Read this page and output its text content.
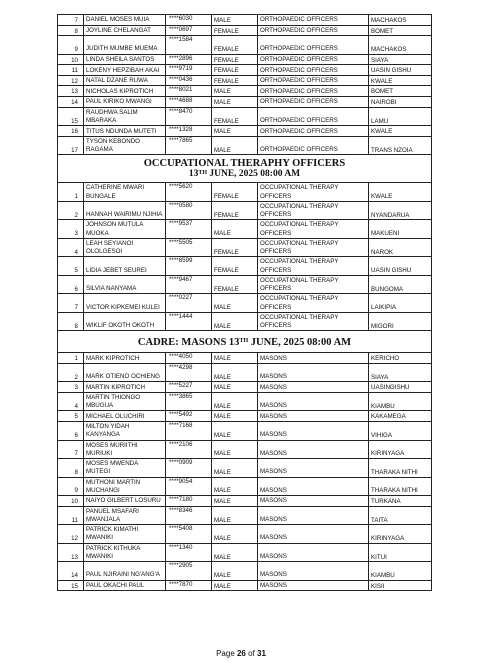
7	DANIEL MOSES MUIA	****6030	MALE	ORTHOPAEDIC OFFICERS	MACHAKOS
8	JOYLINE CHELANGAT	****0697	FEMALE	ORTHOPAEDIC OFFICERS	BOMET
9	JUDITH MUMBE MUEMA	****1584	FEMALE	ORTHOPAEDIC OFFICERS	MACHAKOS
10	LINDA SHEILA SANTOS	****2896	FEMALE	ORTHOPAEDIC OFFICERS	SIAYA
11	LOKENY HEPZIBAH AKAI	****9719	FEMALE	ORTHOPAEDIC OFFICERS	UASIN GISHU
12	NATAL DZANE RUWA	****0436	FEMALE	ORTHOPAEDIC OFFICERS	KWALE
13	NICHOLAS KIPROTICH	****8021	MALE	ORTHOPAEDIC OFFICERS	BOMET
14	PAUL KIRIKO MWANGI	****4688	MALE	ORTHOPAEDIC OFFICERS	NAIROBI
15	RAUDHWA SALIM MBARAKA	****8470	FEMALE	ORTHOPAEDIC OFFICERS	LAMU
16	TITUS NDUNDA MUTETI	****1328	MALE	ORTHOPAEDIC OFFICERS	KWALE
17	TYSON KEBONDO RAGAMA	****7865	MALE	ORTHOPAEDIC OFFICERS	TRANS NZOIA

OCCUPATIONAL THERAPHY OFFICERS
13TH JUNE, 2025 08:00 AM					

1	CATHERINE MWARI BUNGALE	****5620	FEMALE	OCCUPATIONAL THERAPY OFFICERS	KWALE
2	HANNAH WAIRIMU NJIHIA	****0580	FEMALE	OCCUPATIONAL THERAPY OFFICERS	NYANDARUA
3	JOHNSON MUTULA MUOKA	****9537	MALE	OCCUPATIONAL THERAPY OFFICERS	MAKUENI
4	LEAH SEYIANOI OLOLGESOI	****5505	FEMALE	OCCUPATIONAL THERAPY OFFICERS	NAROK
5	LIDIA JEBET SEUREI	****8599	FEMALE	OCCUPATIONAL THERAPY OFFICERS	UASIN GISHU
6	SILVIA NANYAMA	****9467	FEMALE	OCCUPATIONAL THERAPY OFFICERS	BUNGOMA
7	VICTOR KIPKEMEI KULEI	****0227	MALE	OCCUPATIONAL THERAPY OFFICERS	LAIKIPIA
8	WIKLIF OKOTH OKOTH	****1444	MALE	OCCUPATIONAL THERAPY OFFICERS	MIGORI
CADRE: MASONS 13TH JUNE, 2025 08:00 AM					
1	MARK KIPROTICH	****4050	MALE	MASONS	KERICHO
2	MARK OTIENO OCHIENG	****4298	MALE	MASONS	SIAYA
3	MARTIN KIPROTICH	****5227	MALE	MASONS	UASINGISHU
4	MARTIN THIONGO MBUGUA	****3865	MALE	MASONS	KIAMBU
5	MICHAEL OLUCHIRI	****5492	MALE	MASONS	KAKAMEGA
6	MILTON YIDAH KANYANGA	****7168	MALE	MASONS	VIHIGA
7	MOSES MURIITHI MURIUKI	****2106	MALE	MASONS	KIRINYAGA
8	MOSES MWENDA MUTEGI	****0909	MALE	MASONS	THARAKA NITHI
9	MUTHONI MARTIN MUCHANGI	****9054	MALE	MASONS	THARAKA NITHI
10	NAIYO GILBERT LOSURU	****7180	MALE	MASONS	TURKANA
11	PANUEL MSAFARI MWANJALA	****8346	MALE	MASONS	TAITA
12	PATRICK KIMATHI MWANIKI	****5408	MALE	MASONS	KIRINYAGA
13	PATRICK KITHUKA MWANIKI	****1340	MALE	MASONS	KITUI
14	PAUL NJIRAINI NG'ANG'A	****2905	MALE	MASONS	KIAMBU
15	PAUL OKACHI PAUL	****7870	MALE	MASONS	KISII
Page 26 of 31
